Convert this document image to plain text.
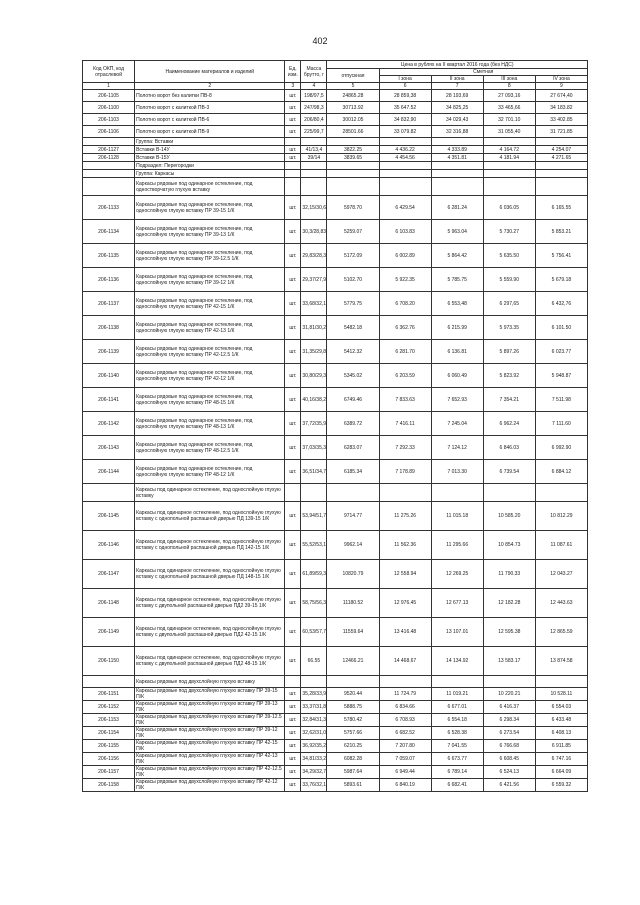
402
Код ОКП, код отраслевой	Наименование материалов и изделий	Ед. изм.	Масса брутто, г	Цена в рублях на II квартал 2016 года (без НДС)				
				отпускная	Сметная			
					I зона	II зона	III зона	IV зона
1	2	3	4	5	6	7	8	9
206-1105	Полотно ворот без калитки ПВ-8	шт.	198/97,5	24865.28	28 859,38	28 193,69	27 093,16	27 674,40
206-1100	Полотно ворот с калиткой ПВ-3	шт.	247/98,3	30713.92	35 647.52	34 825,25	33 465,66	34 183.82
206-1103	Полотно ворот с калиткой ПВ-6	шт.	206/80,4	30012.05	34 832,90	34 029,43	32 701.10	33 402.85
206-1106	Полотно ворот с калиткой ПВ-9	шт.	225/99,7	28501.66	33 079.82	32 316,88	31 055,40	31 721.85
	Группа: Вставки							
206-1127	Вставки В-14У	шт.	41/13,4	3822.25	4 436.22	4 333.89	4 164.72	4 254.07
206-1128	Вставки В-15У	шт.	39/14	3839.65	4 454.56	4 351.81	4 181.94	4 271.65
	Подраздел: Перегородки							
	Группа: Каркасы							
	Каркасы рядовые под одинарное остекление, под одностворчатую глухую вставку							
206-1133	Каркасы рядовые под одинарное остекление, под однослойную глухую вставку ПР 39-15 1/К	шт.	32,15/30,6	5978.70	6 429.54	6 281.24	6 036.05	6 165.55
206-1134	Каркасы рядовые под одинарное остекление, под однослойную глухую вставку ПР 39-13 1/К	шт.	30,3/28,83	5259.07	6 103.83	5 963.04	5 730.27	5 853.21
206-1135	Каркасы рядовые под одинарное остекление, под однослойную глухую вставку ПР 39-12.5 1/К	шт.	29,83/28,3	5172.09	6 002.89	5 864.42	5 635.50	5 756.41
206-1136	Каркасы рядовые под одинарное остекление, под однослойную глухую вставку ПР 39-12 1/К	шт.	29,37/27,9	5102.70	5 922.35	5 785.75	5 559.90	5 679.18
206-1137	Каркасы рядовые под одинарное остекление, под однослойную глухую вставку ПР 42-15 1/К	шт.	33,68/32,1	5779.75	6 708.20	6 553,48	6 297,65	6 432,76
206-1138	Каркасы рядовые под одинарное остекление, под однослойную глухую вставку ПР 42-13 1/К	шт.	31,81/30,2	5482.18	6 362.76	6 215.99	5 973.35	6 101.50
206-1139	Каркасы рядовые под одинарное остекление, под однослойную глухую вставку ПР 42-12.5 1/К	шт.	31,35/29,8	5412.32	6 281.70	6 136.81	5 897.26	6 023.77
206-1140	Каркасы рядовые под одинарное остекление, под однослойную глухую вставку ПР 42-12 1/К	шт.	30,80/29,3	5345.02	6 203.59	6 060.49	5 823.92	5 948.87
206-1141	Каркасы рядовые под одинарное остекление, под однослойную глухую вставку ПР 48-15 1/К	шт.	40,16/38,2	6749.46	7 833.63	7 652.93	7 354.21	7 511.98
206-1142	Каркасы рядовые под одинарное остекление, под однослойную глухую вставку ПР 48-13 1/К	шт.	37,72/35,9	6389.72	7 416.11	7 245.04	6 962.24	7 111.60
206-1143	Каркасы рядовые под одинарное остекление, под однослойную глухую вставку ПР 48-12.5 1/К	шт.	37,03/35,3	6283.07	7 292.33	7 124.12	6 846.03	6 992.90
206-1144	Каркасы рядовые под одинарное остекление, под однослойную глухую вставку ПР 48-12 1/К	шт.	36,51/34,7	6185.34	7 178.89	7 013.30	6 739.54	6 884.12
	Каркасы под одинарное остекление, под однослойную глухую вставку							
206-1145	Каркасы под одинарное остекление, под однослойную глухую вставку с однопольной распашной дверью ПД 139-15 1/К	шт.	53,94/51,7	9714.77	11 275.26	11 015.18	10 585.20	10 812.29
206-1146	Каркасы под одинарное остекление, под однослойную глухую вставку с однопольной распашной дверью ПД 142-15 1/К	шт.	55,52/53,1	9962.14	11 562.36	11 295.66	10 854.73	11 087.61
206-1147	Каркасы под одинарное остекление, под однослойную глухую вставку с однопольной распашной дверью ПД 148-15 1/К	шт.	61,89/59,3	10820.79	12 558.94	12 269.25	11 790.33	12 043.27
206-1148	Каркасы под одинарное остекление, под однослойную глухую вставку с двупольной распашной дверью ПД2 39-15 1/К	шт.	58,75/56,3	11180.52	12 976.45	12 677.13	12 182.28	12 443.63
206-1149	Каркасы под одинарное остекление, под однослойную глухую вставку с двупольной распашной дверью ПД2 42-15 1/К	шт.	60,53/57,7	11559.64	13 416.48	13 107.01	12 595.38	12 865.59
206-1150	Каркасы под одинарное остекление, под однослойную глухую вставку с двупольной распашной дверью ПД2 48-15 1/К	шт.	66.55	12466.21	14 468.67	14 134.92	13 583.17	13 874.58
	Каркасы рядовые под двухслойную глухую вставку							
206-1151	Каркасы рядовые под двухслойную глухую вставку ПР 39-15 П/К	шт.	35,28/33,9	9520.44	11 724.79	11 019.21	10 220.21	10 528.11
206-1152	Каркасы рядовые под двухслойную глухую вставку ПР 39-13 П/К	шт.	33,37/31,8	5888.75	6 834.66	6 677.01	6 416.37	6 554.03
206-1153	Каркасы рядовые под двухслойную глухую вставку ПР 39-12.5 П/К	шт.	32,84/31,3	5780.42	6 708.93	6 554.18	6 298.34	6 433.48
206-1154	Каркасы рядовые под двухслойную глухую вставку ПР 39-12 П/К	шт.	32,62/31,0	5757.66	6 682.52	6 528.38	6 273.54	6 408.13
206-1155	Каркасы рядовые под двухслойную глухую вставку ПР 42-15 П/К	шт.	36,92/35,2	6210.25	7 207.80	7 041.55	6 766.68	6 911.85
206-1156	Каркасы рядовые под двухслойную глухую вставку ПР 42-13 П/К	шт.	34,81/33,2	6082.28	7 059.07	6 673.77	6 608.45	6 747.16
206-1157	Каркасы рядовые под двухслойную глухую вставку ПР 42-12.5 П/К	шт.	34,29/32,7	5987.64	6 949.44	6 789.14	6 524.13	6 664.09
206-1158	Каркасы рядовые под двухслойную глухую вставку ПР 42-12 П/К	шт.	33,76/32,1	5893.61	6 840.19	6 682.41	6 421.56	6 559.32
